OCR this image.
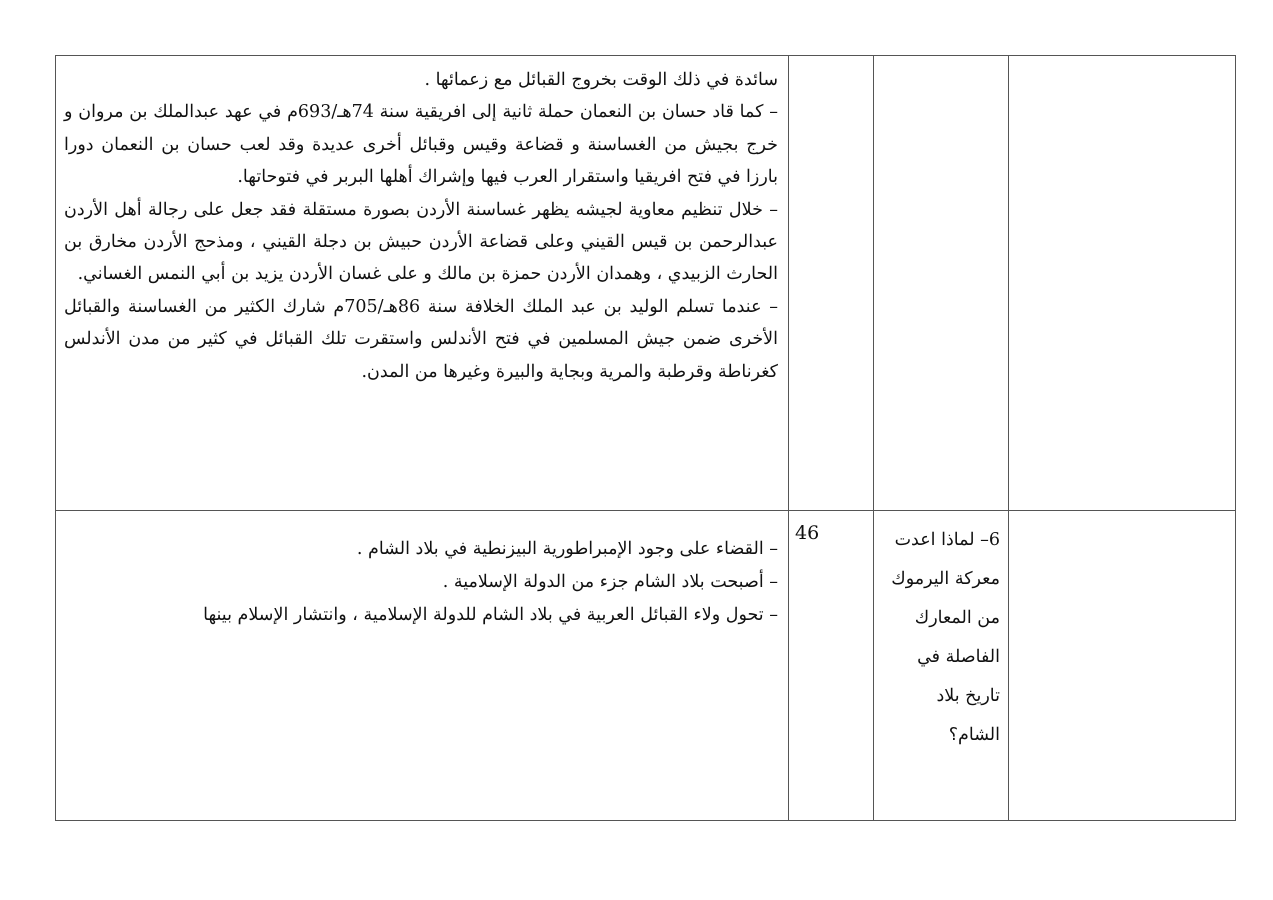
			سائدة في ذلك الوقت بخروج القبائل مع زعمائها .

– كما قاد حسان بن النعمان حملة ثانية إلى افريقية سنة 74هـ/693م في عهد عبدالملك بن مروان و خرج بجيش من الغساسنة و قضاعة وقيس وقبائل أخرى عديدة وقد لعب حسان بن النعمان دورا بارزا في فتح افريقيا واستقرار العرب فيها وإشراك أهلها البربر في فتوحاتها.

– خلال تنظيم معاوية لجيشه يظهر غساسنة الأردن بصورة مستقلة فقد جعل على رجالة أهل الأردن عبدالرحمن بن قيس القيني وعلى قضاعة الأردن حبيش بن دجلة القيني ، ومذحج الأردن مخارق بن الحارث الزبيدي ، وهمدان الأردن حمزة بن مالك و على غسان الأردن يزيد بن أبي النمس الغساني.

– عندما تسلم الوليد بن عبد الملك الخلافة سنة 86هـ/705م شارك الكثير من الغساسنة والقبائل الأخرى ضمن جيش المسلمين في فتح الأندلس واستقرت تلك القبائل في كثير من مدن الأندلس كغرناطة وقرطبة والمرية وبجاية والبيرة وغيرها من المدن.

	6– لماذا اعدت معركة اليرموك من المعارك الفاصلة في تاريخ بلاد الشام؟	46	– القضاء على وجود الإمبراطورية البيزنطية في بلاد الشام .

– أصبحت بلاد الشام جزء من الدولة الإسلامية .

– تحول ولاء القبائل العربية في بلاد الشام للدولة الإسلامية ، وانتشار الإسلام بينها
